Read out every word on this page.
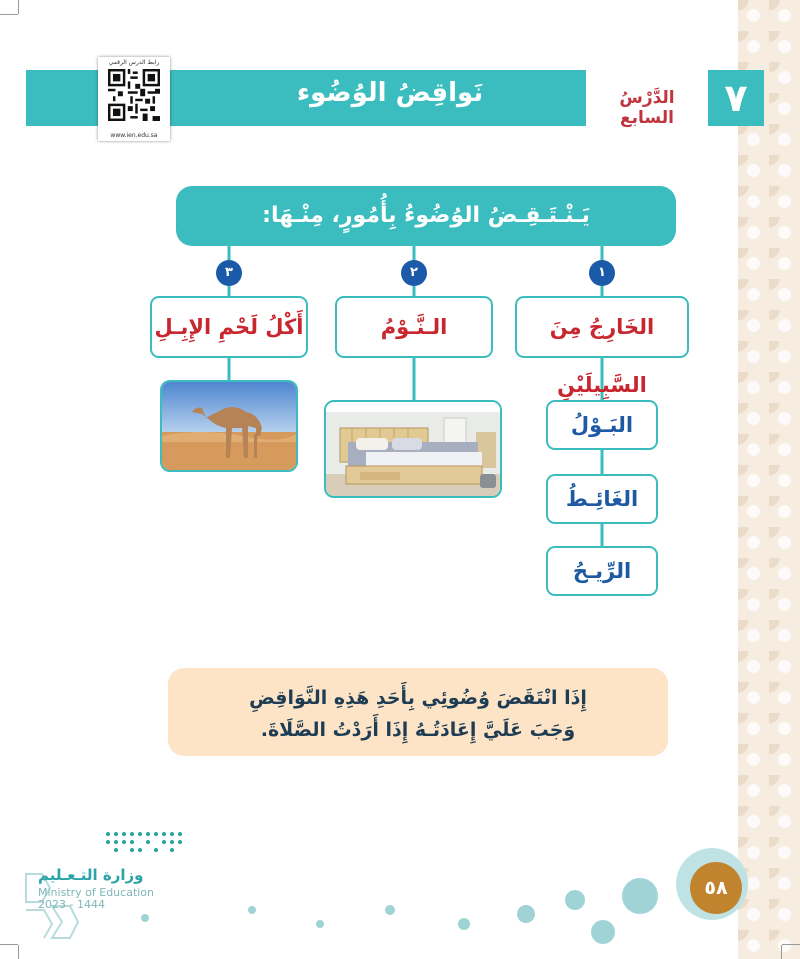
٧
الدَّرْسُ السابع
نَواقِضُ الوُضُوء
رابط الدرس الرقمي
www.ien.edu.sa
يَـنْـتَـقِـضُ الوُضُوءُ بِأُمُورٍ، مِنْـهَا:
١
٢
٣
الخَارِجُ مِنَ السَّبِيلَيْنِ
الـنَّـوْمُ
أَكْلُ لَحْمِ الإِبِـلِ
البَـوْلُ
الغَائِـطُ
الرِّيـحُ
إِذَا انْتَقَضَ وُضُوئِي بِأَحَدِ هَذِهِ النَّوَاقِضِ
وَجَبَ عَلَيَّ إِعَادَتُـهُ إِذَا أَرَدْتُ الصَّلَاةَ.
٥٨
وزارة التـعـليم
Ministry of Education
2023 - 1444
